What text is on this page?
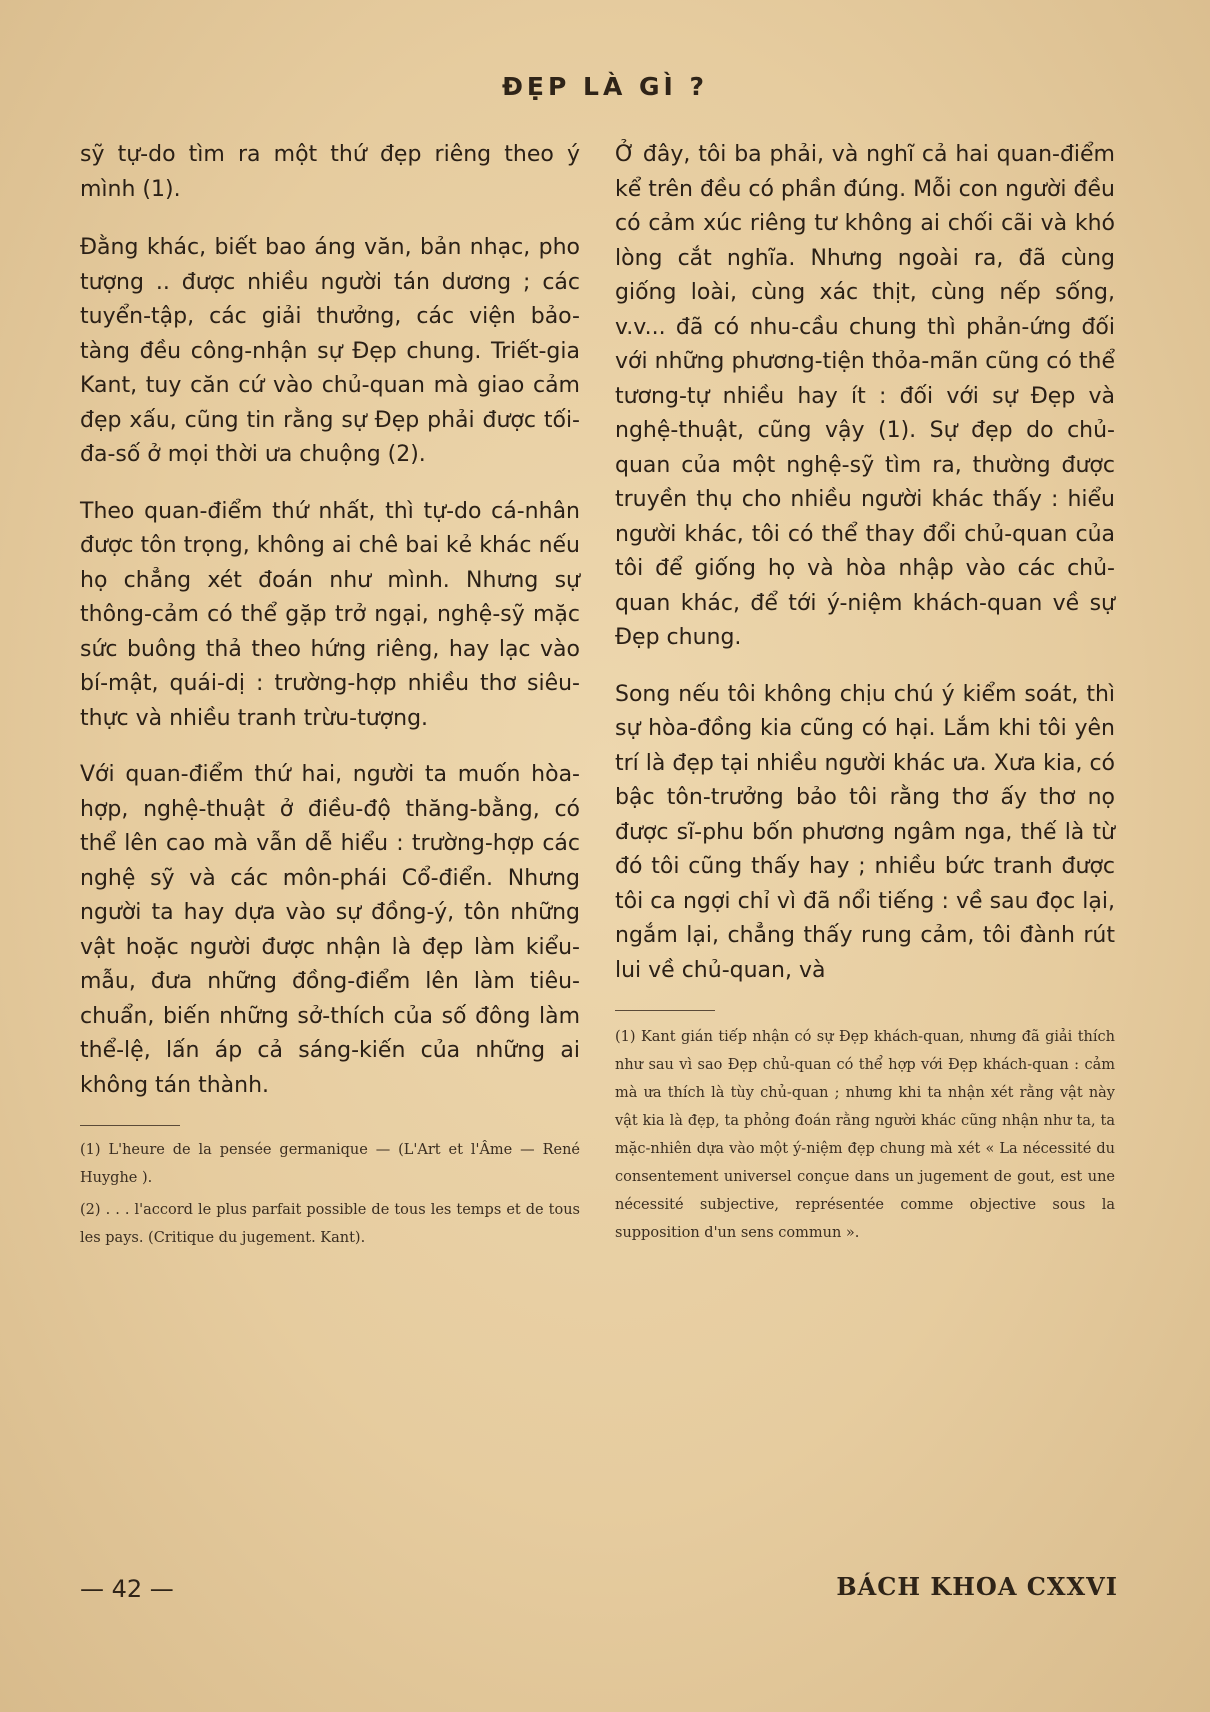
ĐẸP LÀ GÌ ?

sỹ tự-do tìm ra một thứ đẹp riêng theo ý mình (1).

Đằng khác, biết bao áng văn, bản nhạc, pho tượng .. được nhiều người tán dương ; các tuyển-tập, các giải thưởng, các viện bảo-tàng đều công-nhận sự Đẹp chung. Triết-gia Kant, tuy căn cứ vào chủ-quan mà giao cảm đẹp xấu, cũng tin rằng sự Đẹp phải được tối-đa-số ở mọi thời ưa chuộng (2).

Theo quan-điểm thứ nhất, thì tự-do cá-nhân được tôn trọng, không ai chê bai kẻ khác nếu họ chẳng xét đoán như mình. Nhưng sự thông-cảm có thể gặp trở ngại, nghệ-sỹ mặc sức buông thả theo hứng riêng, hay lạc vào bí-mật, quái-dị : trường-hợp nhiều thơ siêu-thực và nhiều tranh trừu-tượng.

Với quan-điểm thứ hai, người ta muốn hòa-hợp, nghệ-thuật ở điều-độ thăng-bằng, có thể lên cao mà vẫn dễ hiểu : trường-hợp các nghệ sỹ và các môn-phái Cổ-điển. Nhưng người ta hay dựa vào sự đồng-ý, tôn những vật hoặc người được nhận là đẹp làm kiểu-mẫu, đưa những đồng-điểm lên làm tiêu-chuẩn, biến những sở-thích của số đông làm thể-lệ, lấn áp cả sáng-kiến của những ai không tán thành.

(1) L'heure de la pensée germanique — (L'Art et l'Âme — René Huyghe ).

(2) . . . l'accord le plus parfait possible de tous les temps et de tous les pays. (Critique du jugement. Kant).

Ở đây, tôi ba phải, và nghĩ cả hai quan-điểm kể trên đều có phần đúng. Mỗi con người đều có cảm xúc riêng tư không ai chối cãi và khó lòng cắt nghĩa. Nhưng ngoài ra, đã cùng giống loài, cùng xác thịt, cùng nếp sống, v.v... đã có nhu-cầu chung thì phản-ứng đối với những phương-tiện thỏa-mãn cũng có thể tương-tự nhiều hay ít : đối với sự Đẹp và nghệ-thuật, cũng vậy (1). Sự đẹp do chủ-quan của một nghệ-sỹ tìm ra, thường được truyền thụ cho nhiều người khác thấy : hiểu người khác, tôi có thể thay đổi chủ-quan của tôi để giống họ và hòa nhập vào các chủ-quan khác, để tới ý-niệm khách-quan về sự Đẹp chung.

Song nếu tôi không chịu chú ý kiểm soát, thì sự hòa-đồng kia cũng có hại. Lắm khi tôi yên trí là đẹp tại nhiều người khác ưa. Xưa kia, có bậc tôn-trưởng bảo tôi rằng thơ ấy thơ nọ được sĩ-phu bốn phương ngâm nga, thế là từ đó tôi cũng thấy hay ; nhiều bức tranh được tôi ca ngợi chỉ vì đã nổi tiếng : về sau đọc lại, ngắm lại, chẳng thấy rung cảm, tôi đành rút lui về chủ-quan, và

(1) Kant gián tiếp nhận có sự Đẹp khách-quan, nhưng đã giải thích như sau vì sao Đẹp chủ-quan có thể hợp với Đẹp khách-quan : cảm mà ưa thích là tùy chủ-quan ; nhưng khi ta nhận xét rằng vật này vật kia là đẹp, ta phỏng đoán rằng người khác cũng nhận như ta, ta mặc-nhiên dựa vào một ý-niệm đẹp chung mà xét « La nécessité du consentement universel conçue dans un jugement de gout, est une nécessité subjective, représentée comme objective sous la supposition d'un sens commun ».

— 42 —	BÁCH KHOA CXXVI
